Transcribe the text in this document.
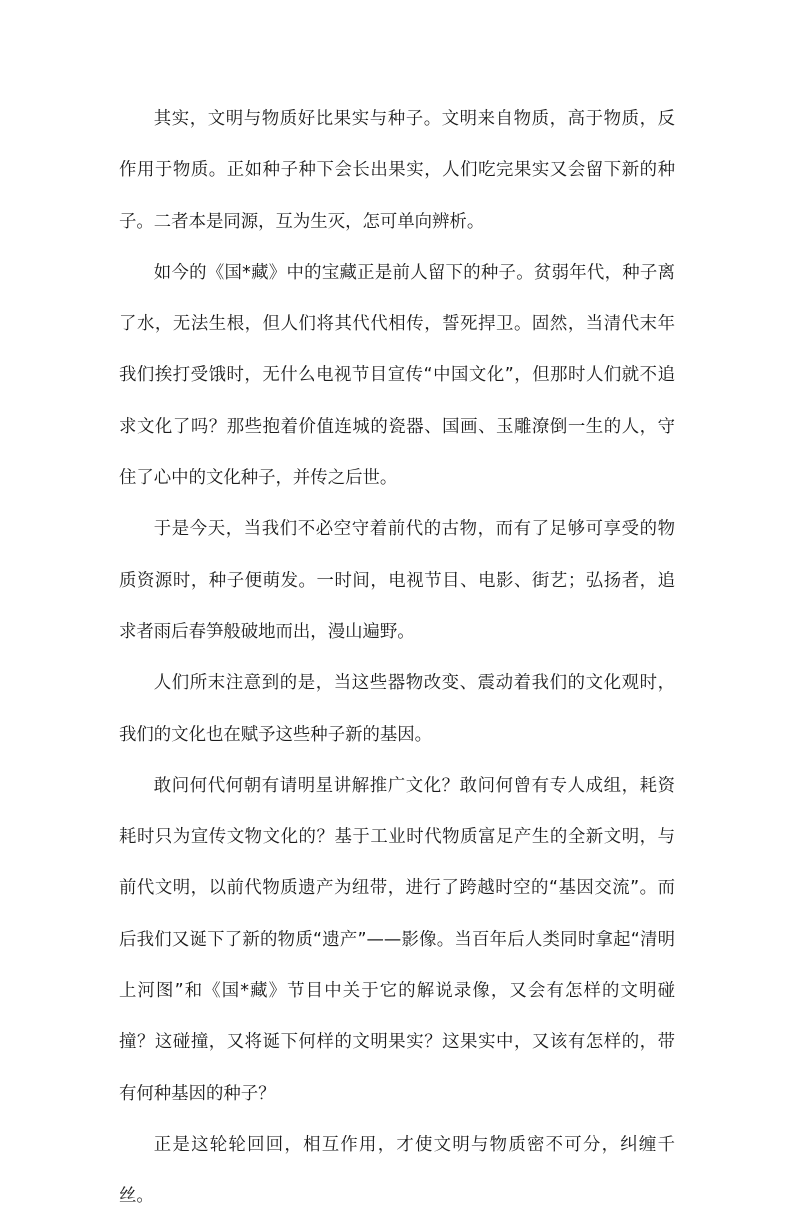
其实，文明与物质好比果实与种子。文明来自物质，高于物质，反作用于物质。正如种子种下会长出果实，人们吃完果实又会留下新的种子。二者本是同源，互为生灭，怎可单向辨析。

如今的《国*藏》中的宝藏正是前人留下的种子。贫弱年代，种子离了水，无法生根，但人们将其代代相传，誓死捍卫。固然，当清代末年我们挨打受饿时，无什么电视节目宣传“中国文化”，但那时人们就不追求文化了吗？那些抱着价值连城的瓷器、国画、玉雕潦倒一生的人，守住了心中的文化种子，并传之后世。

于是今天，当我们不必空守着前代的古物，而有了足够可享受的物质资源时，种子便萌发。一时间，电视节目、电影、街艺；弘扬者，追求者雨后春笋般破地而出，漫山遍野。

人们所末注意到的是，当这些器物改变、震动着我们的文化观时，我们的文化也在赋予这些种子新的基因。

敢问何代何朝有请明星讲解推广文化？敢问何曾有专人成组，耗资耗时只为宣传文物文化的？基于工业时代物质富足产生的全新文明，与前代文明，以前代物质遗产为纽带，进行了跨越时空的“基因交流”。而后我们又诞下了新的物质“遗产”——影像。当百年后人类同时拿起“清明上河图”和《国*藏》节目中关于它的解说录像，又会有怎样的文明碰撞？这碰撞，又将诞下何样的文明果实？这果实中，又该有怎样的，带有何种基因的种子？

正是这轮轮回回，相互作用，才使文明与物质密不可分，纠缠千丝。
